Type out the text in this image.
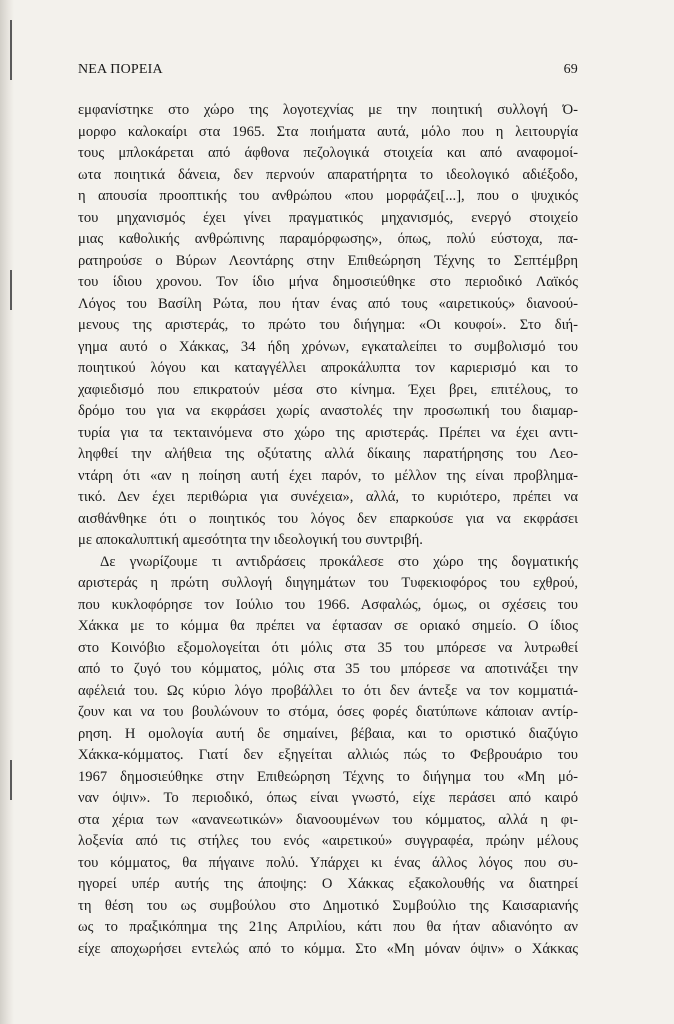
ΝΕΑ ΠΟΡΕΙΑ	69
εμφανίστηκε στο χώρο της λογοτεχνίας με την ποιητική συλλογή Ό-
μορφο καλοκαίρι στα 1965. Στα ποιήματα αυτά, μόλο που η λειτουργία
τους μπλοκάρεται από άφθονα πεζολογικά στοιχεία και από αναφομοί-
ωτα ποιητικά δάνεια, δεν περνούν απαρατήρητα το ιδεολογικό αδιέξοδο,
η απουσία προοπτικής του ανθρώπου «που μορφάζει[...], που ο ψυχικός
του μηχανισμός έχει γίνει πραγματικός μηχανισμός, ενεργό στοιχείο
μιας καθολικής ανθρώπινης παραμόρφωσης», όπως, πολύ εύστοχα, πα-
ρατηρούσε ο Βύρων Λεοντάρης στην Επιθεώρηση Τέχνης το Σεπτέμβρη
του ίδιου χρονου. Τον ίδιο μήνα δημοσιεύθηκε στο περιοδικό Λαϊκός
Λόγος του Βασίλη Ρώτα, που ήταν ένας από τους «αιρετικούς» διανοού-
μενους της αριστεράς, το πρώτο του διήγημα: «Οι κουφοί». Στο διή-
γημα αυτό ο Χάκκας, 34 ήδη χρόνων, εγκαταλείπει το συμβολισμό του
ποιητικού λόγου και καταγγέλλει απροκάλυπτα τον καριερισμό και το
χαφιεδισμό που επικρατούν μέσα στο κίνημα. Έχει βρει, επιτέλους, το
δρόμο του για να εκφράσει χωρίς αναστολές την προσωπική του διαμαρ-
τυρία για τα τεκταινόμενα στο χώρο της αριστεράς. Πρέπει να έχει αντι-
ληφθεί την αλήθεια της οξύτατης αλλά δίκαιης παρατήρησης του Λεο-
ντάρη ότι «αν η ποίηση αυτή έχει παρόν, το μέλλον της είναι προβλημα-
τικό. Δεν έχει περιθώρια για συνέχεια», αλλά, το κυριότερο, πρέπει να
αισθάνθηκε ότι ο ποιητικός του λόγος δεν επαρκούσε για να εκφράσει
με αποκαλυπτική αμεσότητα την ιδεολογική του συντριβή.
Δε γνωρίζουμε τι αντιδράσεις προκάλεσε στο χώρο της δογματικής
αριστεράς η πρώτη συλλογή διηγημάτων του Τυφεκιοφόρος του εχθρού,
που κυκλοφόρησε τον Ιούλιο του 1966. Ασφαλώς, όμως, οι σχέσεις του
Χάκκα με το κόμμα θα πρέπει να έφτασαν σε οριακό σημείο. Ο ίδιος
στο Κοινόβιο εξομολογείται ότι μόλις στα 35 του μπόρεσε να λυτρωθεί
από το ζυγό του κόμματος, μόλις στα 35 του μπόρεσε να αποτινάξει την
αφέλειά του. Ως κύριο λόγο προβάλλει το ότι δεν άντεξε να τον κομματιά-
ζουν και να του βουλώνουν το στόμα, όσες φορές διατύπωνε κάποιαν αντίρ-
ρηση. Η ομολογία αυτή δε σημαίνει, βέβαια, και το οριστικό διαζύγιο
Χάκκα-κόμματος. Γιατί δεν εξηγείται αλλιώς πώς το Φεβρουάριο του
1967 δημοσιεύθηκε στην Επιθεώρηση Τέχνης το διήγημα του «Μη μό-
ναν όψιν». Το περιοδικό, όπως είναι γνωστό, είχε περάσει από καιρό
στα χέρια των «ανανεωτικών» διανοουμένων του κόμματος, αλλά η φι-
λοξενία από τις στήλες του ενός «αιρετικού» συγγραφέα, πρώην μέλους
του κόμματος, θα πήγαινε πολύ. Υπάρχει κι ένας άλλος λόγος που συ-
ηγορεί υπέρ αυτής της άποψης: Ο Χάκκας εξακολουθής να διατηρεί
τη θέση του ως συμβούλου στο Δημοτικό Συμβούλιο της Καισαριανής
ως το πραξικόπημα της 21ης Απριλίου, κάτι που θα ήταν αδιανόητο αν
είχε αποχωρήσει εντελώς από το κόμμα. Στο «Μη μόναν όψιν» ο Χάκκας
